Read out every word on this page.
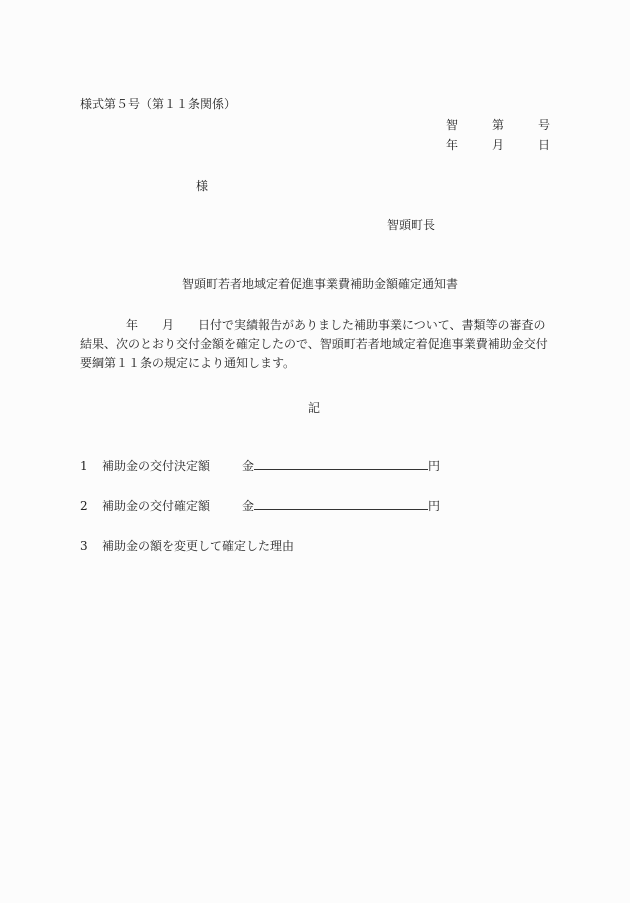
様式第５号（第１１条関係）
智	第	号
年	月	日
様
智頭町長
智頭町若者地域定着促進事業費補助金額確定通知書
年 月 日付で実績報告がありました補助事業について、書類等の審査の結果、次のとおり交付金額を確定したので、智頭町若者地域定着促進事業費補助金交付要綱第１１条の規定により通知します。
記
1 補助金の交付決定額	金	円
2 補助金の交付確定額	金	円
3 補助金の額を変更して確定した理由
